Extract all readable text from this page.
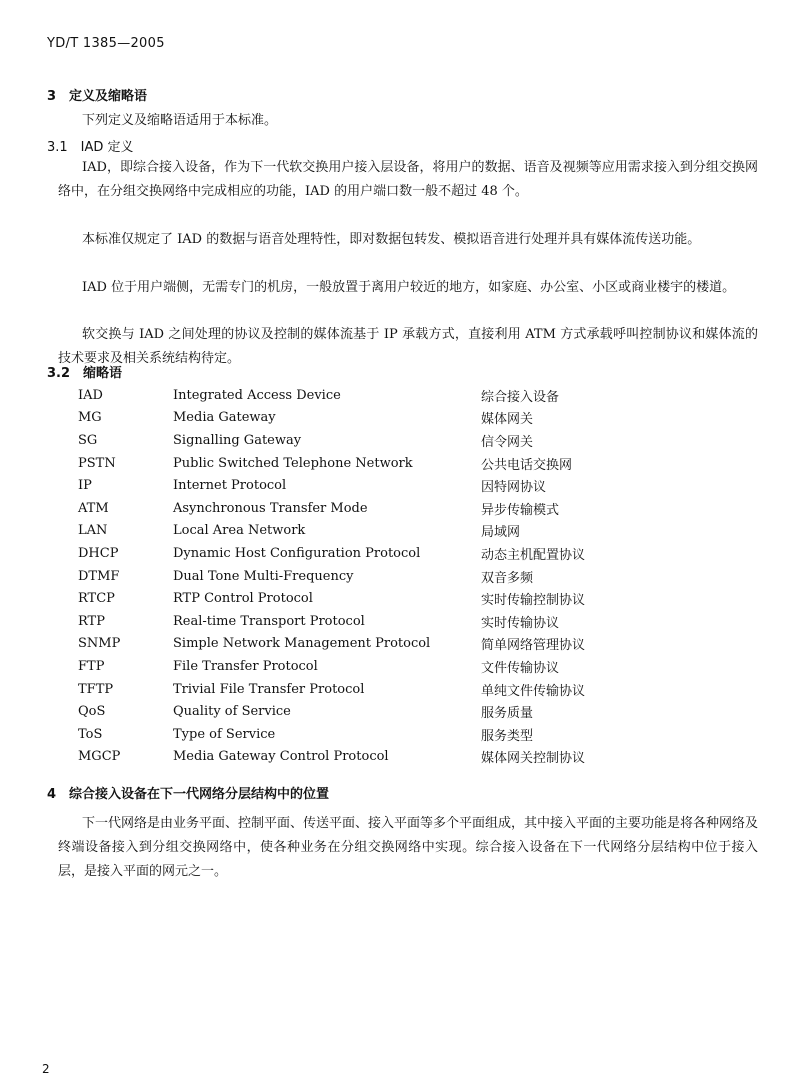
YD/T 1385—2005
3　定义及缩略语
下列定义及缩略语适用于本标准。
3.1　IAD 定义
IAD，即综合接入设备，作为下一代软交换用户接入层设备，将用户的数据、语音及视频等应用需求接入到分组交换网络中，在分组交换网络中完成相应的功能，IAD 的用户端口数一般不超过 48 个。
本标准仅规定了 IAD 的数据与语音处理特性，即对数据包转发、模拟语音进行处理并具有媒体流传送功能。
IAD 位于用户端侧，无需专门的机房，一般放置于离用户较近的地方，如家庭、办公室、小区或商业楼宇的楼道。
软交换与 IAD 之间处理的协议及控制的媒体流基于 IP 承载方式，直接利用 ATM 方式承载呼叫控制协议和媒体流的技术要求及相关系统结构待定。
3.2　缩略语
IAD	Integrated Access Device	综合接入设备
MG	Media Gateway	媒体网关
SG	Signalling Gateway	信令网关
PSTN	Public Switched Telephone Network	公共电话交换网
IP	Internet Protocol	因特网协议
ATM	Asynchronous Transfer Mode	异步传输模式
LAN	Local Area Network	局域网
DHCP	Dynamic Host Configuration Protocol	动态主机配置协议
DTMF	Dual Tone Multi-Frequency	双音多频
RTCP	RTP Control Protocol	实时传输控制协议
RTP	Real-time Transport Protocol	实时传输协议
SNMP	Simple Network Management Protocol	简单网络管理协议
FTP	File Transfer Protocol	文件传输协议
TFTP	Trivial File Transfer Protocol	单纯文件传输协议
QoS	Quality of Service	服务质量
ToS	Type of Service	服务类型
MGCP	Media Gateway Control Protocol	媒体网关控制协议
4　综合接入设备在下一代网络分层结构中的位置
下一代网络是由业务平面、控制平面、传送平面、接入平面等多个平面组成，其中接入平面的主要功能是将各种网络及终端设备接入到分组交换网络中，使各种业务在分组交换网络中实现。综合接入设备在下一代网络分层结构中位于接入层，是接入平面的网元之一。
2
